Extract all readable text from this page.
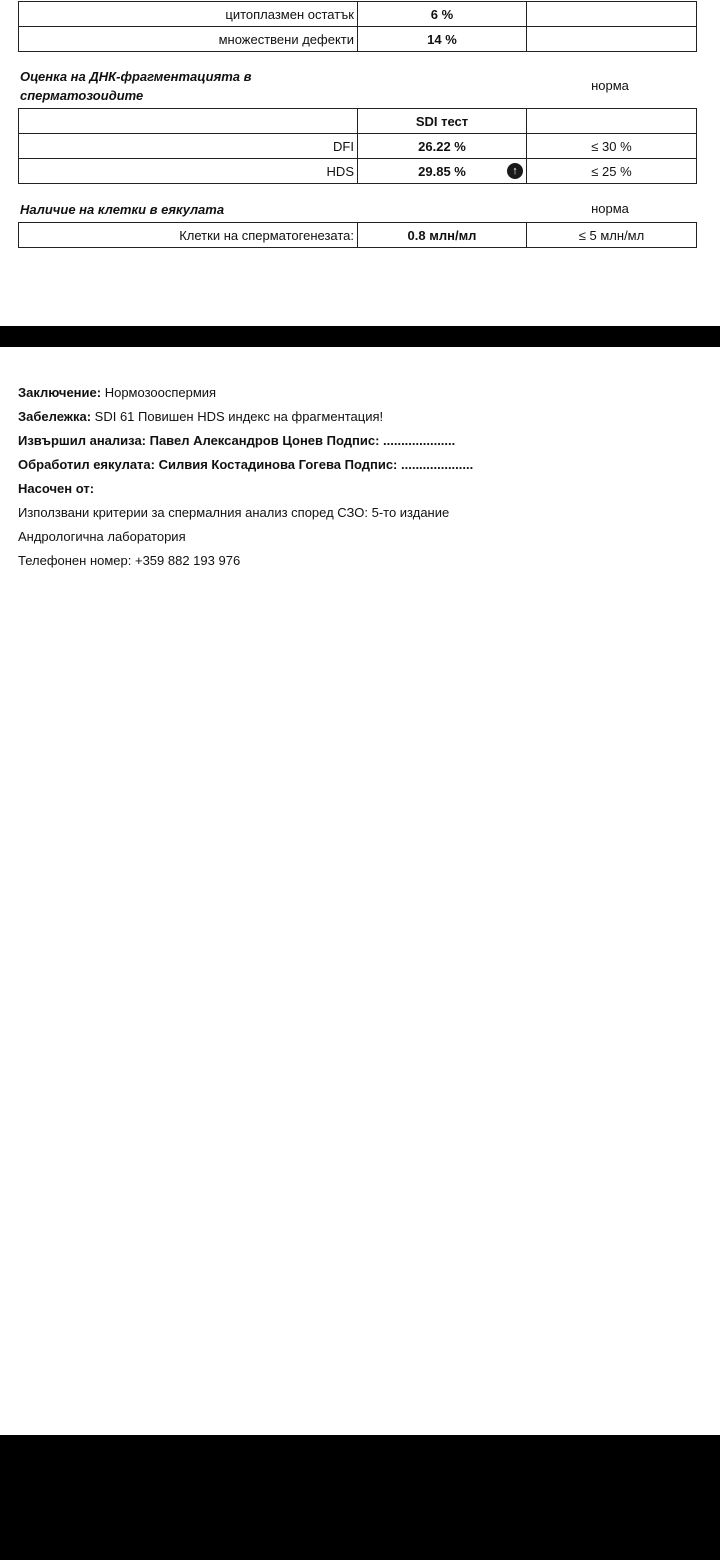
цитоплазмен остатък	6 %	
множествени дефекти	14 %	
Оценка на ДНК-фрагментацията в
сперматозоидите
норма
	SDI тест	
DFI	26.22 %	≤ 30 %
HDS	29.85 % ↑	≤ 25 %
Наличие на клетки в еякулата	норма
Клетки на сперматогенезата:	0.8 млн/мл	≤ 5 млн/мл
Заключение: Нормозооспермия
Забележка: SDI 61 Повишен HDS индекс на фрагментация!
Извършил анализа: Павел Александров Цонев Подпис: ....................
Обработил еякулата: Силвия Костадинова Гогева Подпис: ....................
Насочен от:
Използвани критерии за спермалния анализ според СЗО: 5-то издание
Андрологична лаборатория
Телефонен номер: +359 882 193 976
